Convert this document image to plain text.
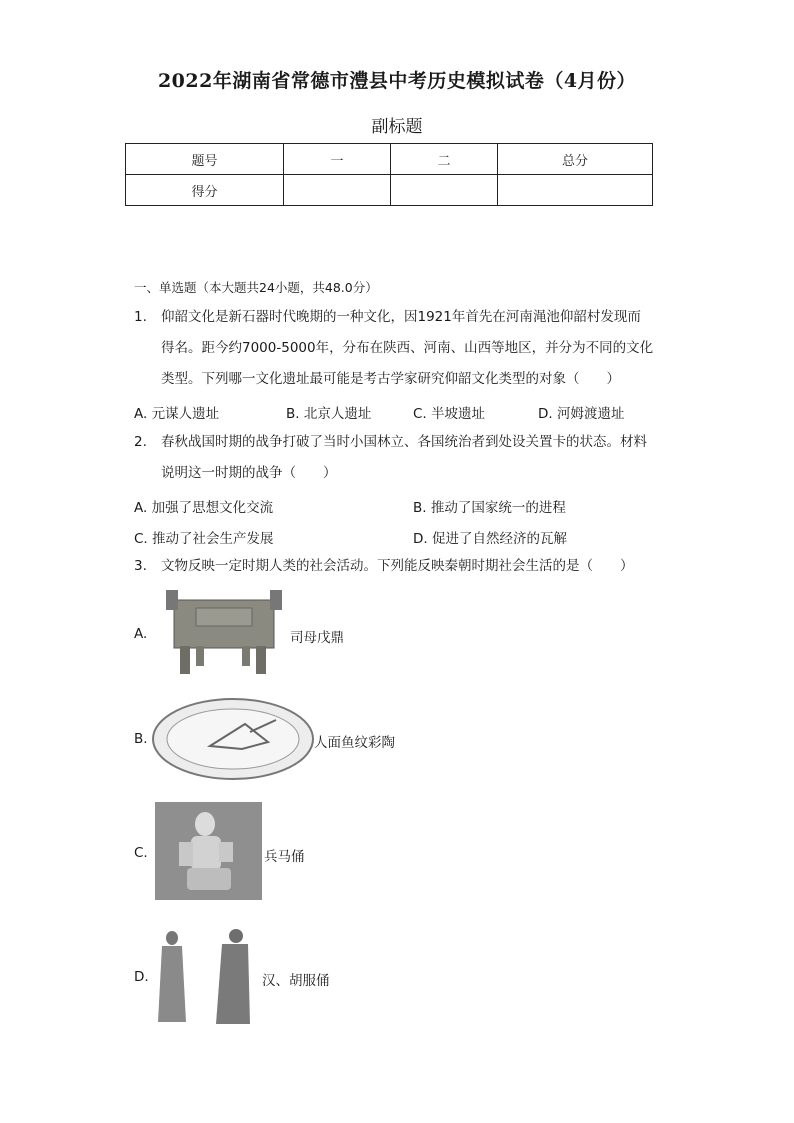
2022年湖南省常德市澧县中考历史模拟试卷（4月份）
副标题
题号	一	二	总分
得分			
一、单选题（本大题共24小题，共48.0分）
1. 仰韶文化是新石器时代晚期的一种文化，因1921年首先在河南渑池仰韶村发现而
得名。距今约7000-5000年，分布在陕西、河南、山西等地区，并分为不同的文化
类型。下列哪一文化遗址最可能是考古学家研究仰韶文化类型的对象（　　）
A. 元谋人遗址	B. 北京人遗址	C. 半坡遗址	D. 河姆渡遗址
2. 春秋战国时期的战争打破了当时小国林立、各国统治者到处设关置卡的状态。材料
说明这一时期的战争（　　）
A. 加强了思想文化交流	B. 推动了国家统一的进程
C. 推动了社会生产发展	D. 促进了自然经济的瓦解
3. 文物反映一定时期人类的社会活动。下列能反映秦朝时期社会生活的是（　　）
A.	司母戊鼎
B.	人面鱼纹彩陶
C.	兵马俑
D.	汉、胡服俑
